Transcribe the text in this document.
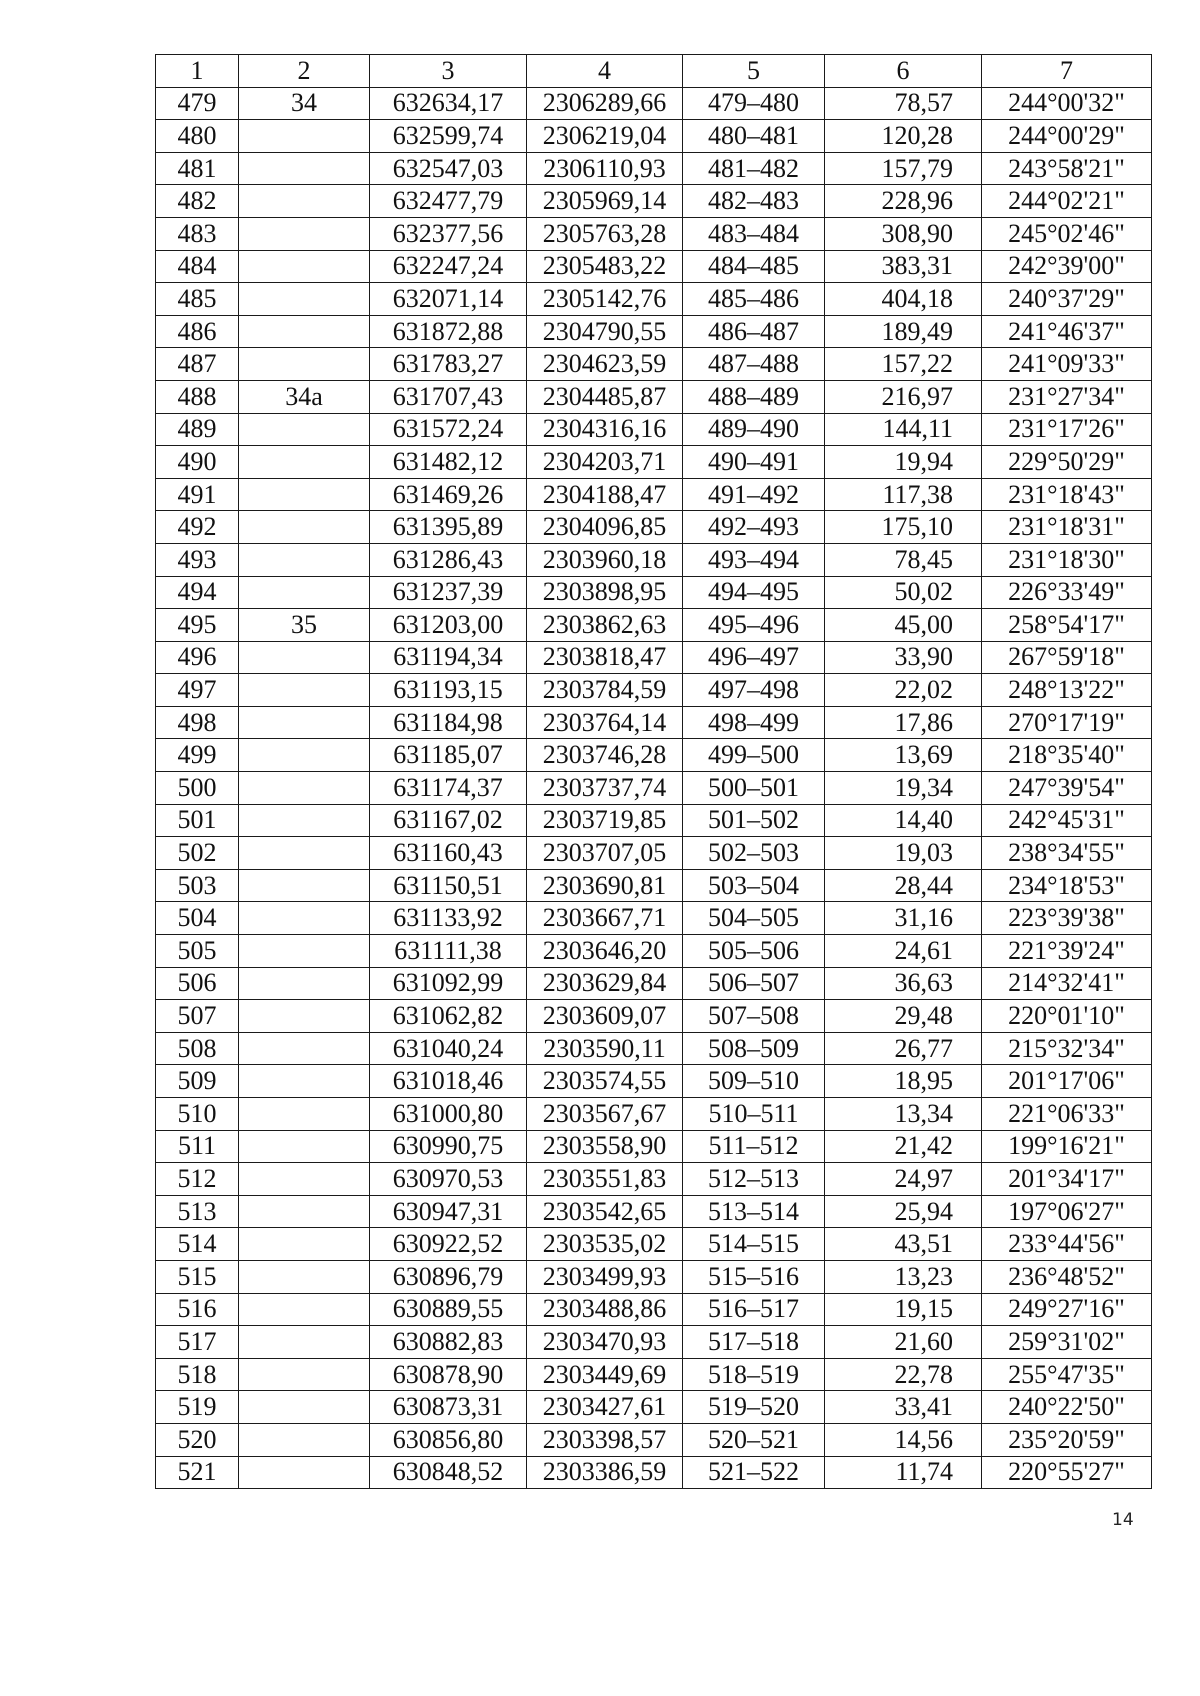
1	2	3	4	5	6	7
479	34	632634,17	2306289,66	479–480	78,57	244°00'32"
480		632599,74	2306219,04	480–481	120,28	244°00'29"
481		632547,03	2306110,93	481–482	157,79	243°58'21"
482		632477,79	2305969,14	482–483	228,96	244°02'21"
483		632377,56	2305763,28	483–484	308,90	245°02'46"
484		632247,24	2305483,22	484–485	383,31	242°39'00"
485		632071,14	2305142,76	485–486	404,18	240°37'29"
486		631872,88	2304790,55	486–487	189,49	241°46'37"
487		631783,27	2304623,59	487–488	157,22	241°09'33"
488	34a	631707,43	2304485,87	488–489	216,97	231°27'34"
489		631572,24	2304316,16	489–490	144,11	231°17'26"
490		631482,12	2304203,71	490–491	19,94	229°50'29"
491		631469,26	2304188,47	491–492	117,38	231°18'43"
492		631395,89	2304096,85	492–493	175,10	231°18'31"
493		631286,43	2303960,18	493–494	78,45	231°18'30"
494		631237,39	2303898,95	494–495	50,02	226°33'49"
495	35	631203,00	2303862,63	495–496	45,00	258°54'17"
496		631194,34	2303818,47	496–497	33,90	267°59'18"
497		631193,15	2303784,59	497–498	22,02	248°13'22"
498		631184,98	2303764,14	498–499	17,86	270°17'19"
499		631185,07	2303746,28	499–500	13,69	218°35'40"
500		631174,37	2303737,74	500–501	19,34	247°39'54"
501		631167,02	2303719,85	501–502	14,40	242°45'31"
502		631160,43	2303707,05	502–503	19,03	238°34'55"
503		631150,51	2303690,81	503–504	28,44	234°18'53"
504		631133,92	2303667,71	504–505	31,16	223°39'38"
505		631111,38	2303646,20	505–506	24,61	221°39'24"
506		631092,99	2303629,84	506–507	36,63	214°32'41"
507		631062,82	2303609,07	507–508	29,48	220°01'10"
508		631040,24	2303590,11	508–509	26,77	215°32'34"
509		631018,46	2303574,55	509–510	18,95	201°17'06"
510		631000,80	2303567,67	510–511	13,34	221°06'33"
511		630990,75	2303558,90	511–512	21,42	199°16'21"
512		630970,53	2303551,83	512–513	24,97	201°34'17"
513		630947,31	2303542,65	513–514	25,94	197°06'27"
514		630922,52	2303535,02	514–515	43,51	233°44'56"
515		630896,79	2303499,93	515–516	13,23	236°48'52"
516		630889,55	2303488,86	516–517	19,15	249°27'16"
517		630882,83	2303470,93	517–518	21,60	259°31'02"
518		630878,90	2303449,69	518–519	22,78	255°47'35"
519		630873,31	2303427,61	519–520	33,41	240°22'50"
520		630856,80	2303398,57	520–521	14,56	235°20'59"
521		630848,52	2303386,59	521–522	11,74	220°55'27"
14
